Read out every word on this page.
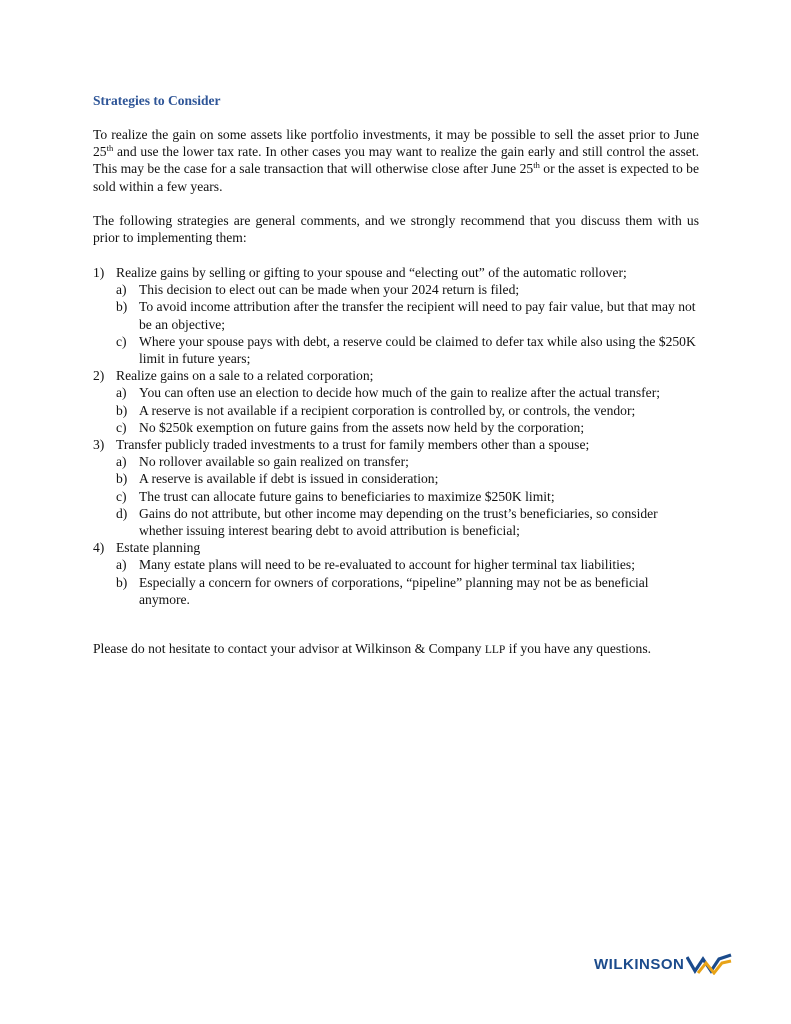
Strategies to Consider
To realize the gain on some assets like portfolio investments, it may be possible to sell the asset prior to June 25th and use the lower tax rate. In other cases you may want to realize the gain early and still control the asset. This may be the case for a sale transaction that will otherwise close after June 25th or the asset is expected to be sold within a few years.
The following strategies are general comments, and we strongly recommend that you discuss them with us prior to implementing them:
1) Realize gains by selling or gifting to your spouse and “electing out” of the automatic rollover;
a) This decision to elect out can be made when your 2024 return is filed;
b) To avoid income attribution after the transfer the recipient will need to pay fair value, but that may not be an objective;
c) Where your spouse pays with debt, a reserve could be claimed to defer tax while also using the $250K limit in future years;
2) Realize gains on a sale to a related corporation;
a) You can often use an election to decide how much of the gain to realize after the actual transfer;
b) A reserve is not available if a recipient corporation is controlled by, or controls, the vendor;
c) No $250k exemption on future gains from the assets now held by the corporation;
3) Transfer publicly traded investments to a trust for family members other than a spouse;
a) No rollover available so gain realized on transfer;
b) A reserve is available if debt is issued in consideration;
c) The trust can allocate future gains to beneficiaries to maximize $250K limit;
d) Gains do not attribute, but other income may depending on the trust’s beneficiaries, so consider whether issuing interest bearing debt to avoid attribution is beneficial;
4) Estate planning
a) Many estate plans will need to be re-evaluated to account for higher terminal tax liabilities;
b) Especially a concern for owners of corporations, “pipeline” planning may not be as beneficial anymore.
Please do not hesitate to contact your advisor at Wilkinson & Company LLP if you have any questions.
WILKINSON
